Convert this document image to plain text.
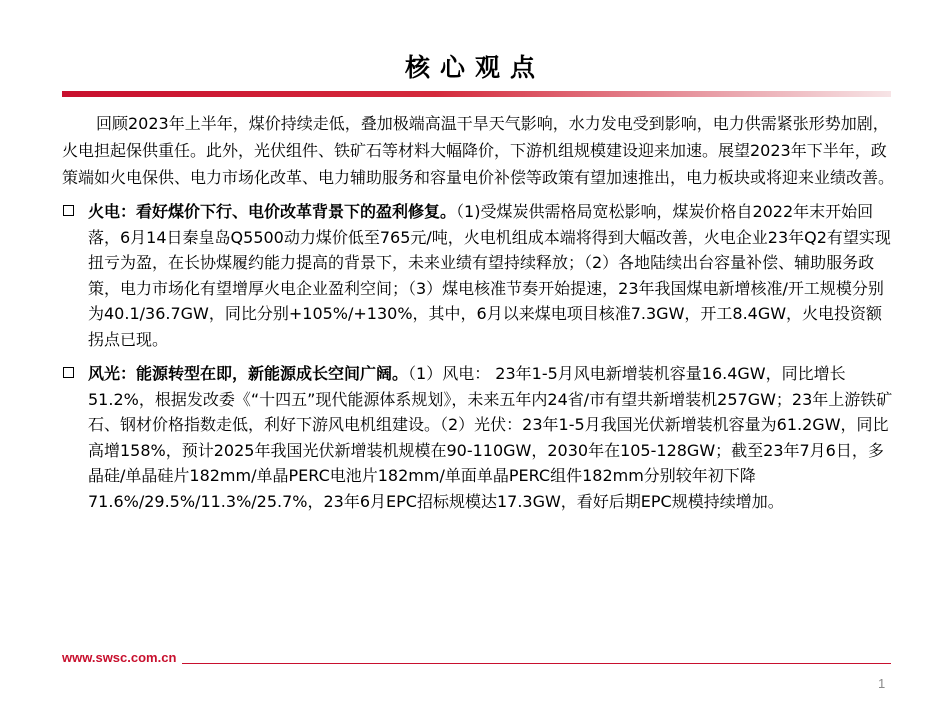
核心观点

回顾2023年上半年，煤价持续走低，叠加极端高温干旱天气影响，水力发电受到影响，电力供需紧张形势加剧，火电担起保供重任。此外，光伏组件、铁矿石等材料大幅降价，下游机组规模建设迎来加速。展望2023年下半年，政策端如火电保供、电力市场化改革、电力辅助服务和容量电价补偿等政策有望加速推出，电力板块或将迎来业绩改善。

火电：看好煤价下行、电价改革背景下的盈利修复。（1)受煤炭供需格局宽松影响，煤炭价格自2022年末开始回落，6月14日秦皇岛Q5500动力煤价低至765元/吨，火电机组成本端将得到大幅改善，火电企业23年Q2有望实现扭亏为盈，在长协煤履约能力提高的背景下，未来业绩有望持续释放；（2）各地陆续出台容量补偿、辅助服务政策，电力市场化有望增厚火电企业盈利空间；（3）煤电核准节奏开始提速，23年我国煤电新增核准/开工规模分别为40.1/36.7GW，同比分别+105%/+130%，其中，6月以来煤电项目核准7.3GW，开工8.4GW，火电投资额拐点已现。
风光：能源转型在即，新能源成长空间广阔。（1）风电： 23年1-5月风电新增装机容量16.4GW，同比增长51.2%，根据发改委《“十四五”现代能源体系规划》，未来五年内24省/市有望共新增装机257GW；23年上游铁矿石、钢材价格指数走低，利好下游风电机组建设。（2）光伏：23年1-5月我国光伏新增装机容量为61.2GW，同比高增158%，预计2025年我国光伏新增装机规模在90-110GW，2030年在105-128GW；截至23年7月6日，多晶硅/单晶硅片182mm/单晶PERC电池片182mm/单面单晶PERC组件182mm分别较年初下降71.6%/29.5%/11.3%/25.7%，23年6月EPC招标规模达17.3GW，看好后期EPC规模持续增加。
www.swsc.com.cn
1
